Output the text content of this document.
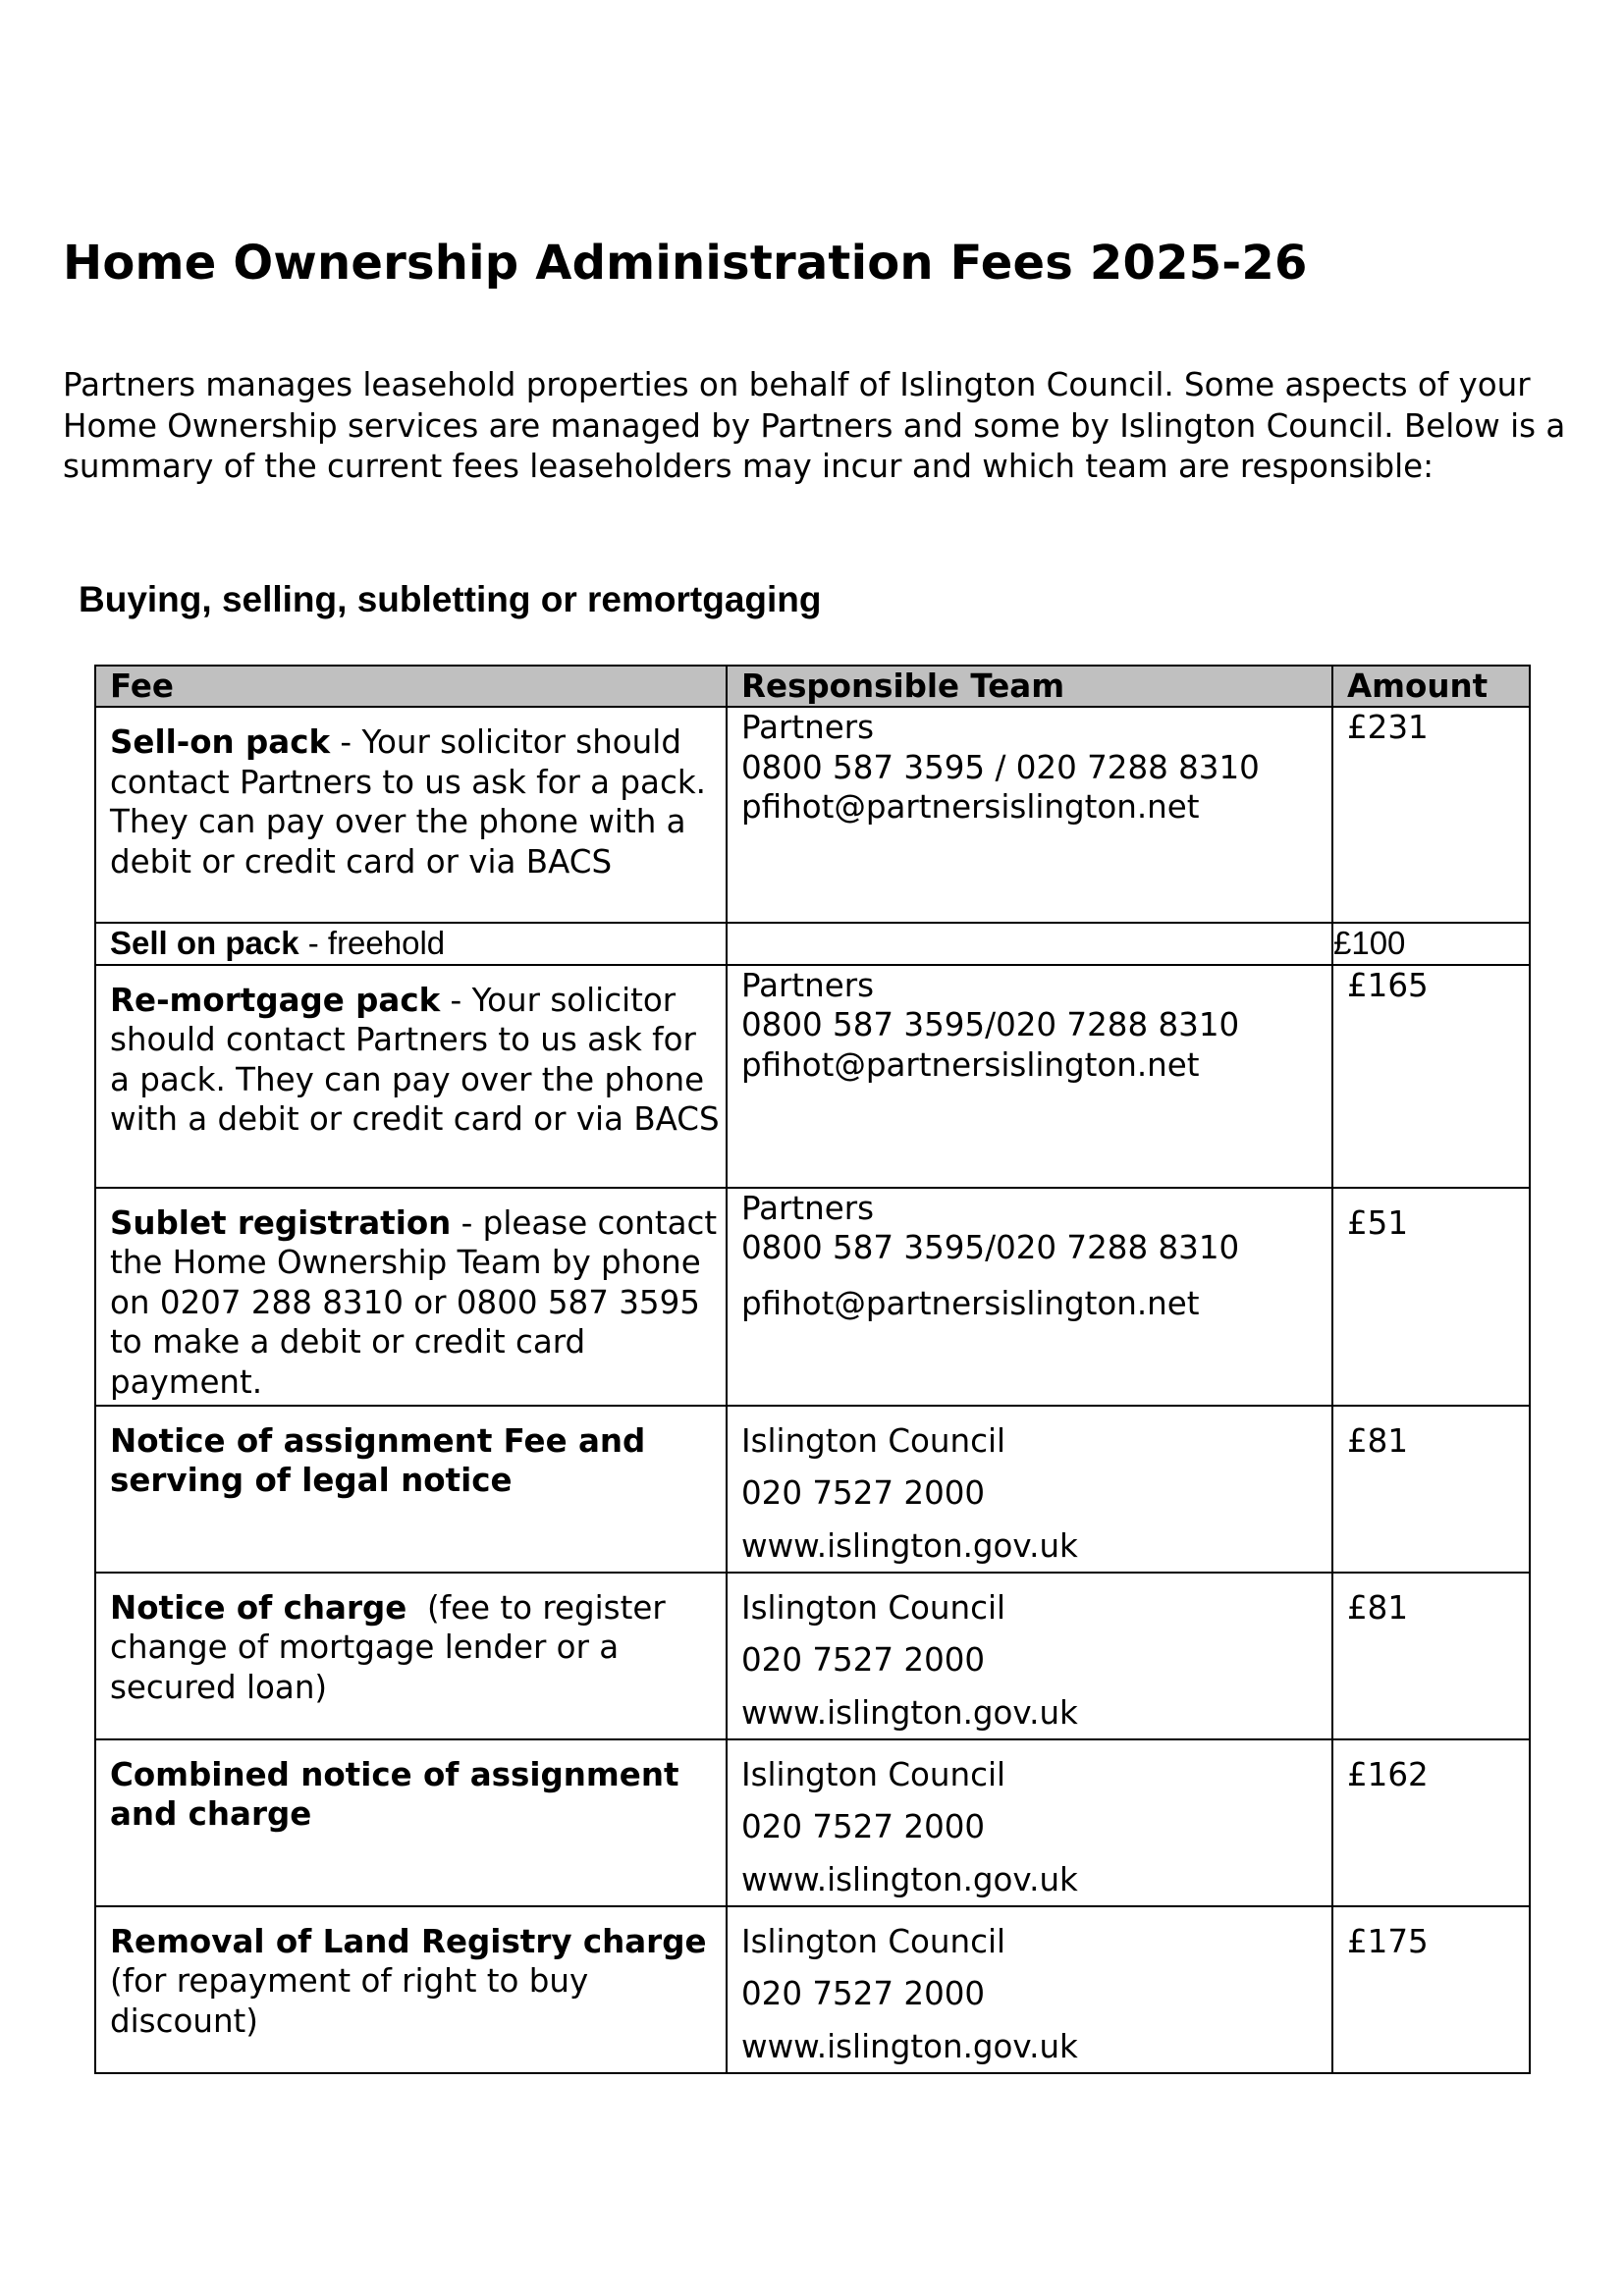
Home Ownership Administration Fees 2025-26

Partners manages leasehold properties on behalf of Islington Council. Some aspects of your Home Ownership services are managed by Partners and some by Islington Council. Below is a summary of the current fees leaseholders may incur and which team are responsible:

Buying, selling, subletting or remortgaging
Fee	Responsible Team	Amount

Sell-on pack - Your solicitor should contact Partners to us ask for a pack. They can pay over the phone with a debit or credit card or via BACS	Partners
0800 587 3595 / 020 7288 8310
pfihot@partnersislington.net	£231
Sell on pack - freehold		£100

Re-mortgage pack - Your solicitor should contact Partners to us ask for a pack. They can pay over the phone with a debit or credit card or via BACS	Partners
0800 587 3595/020 7288 8310
pfihot@partnersislington.net	£165

Sublet registration - please contact the Home Ownership Team by phone on 0207 288 8310 or 0800 587 3595 to make a debit or credit card payment.	Partners
0800 587 3595/020 7288 8310
pfihot@partnersislington.net	£51

Notice of assignment Fee and serving of legal notice	Islington Council
020 7527 2000
www.islington.gov.uk	£81

Notice of charge  (fee to register change of mortgage lender or a secured loan)	Islington Council
020 7527 2000
www.islington.gov.uk	£81

Combined notice of assignment and charge	Islington Council
020 7527 2000
www.islington.gov.uk	£162

Removal of Land Registry charge (for repayment of right to buy discount)	Islington Council
020 7527 2000
www.islington.gov.uk	£175
